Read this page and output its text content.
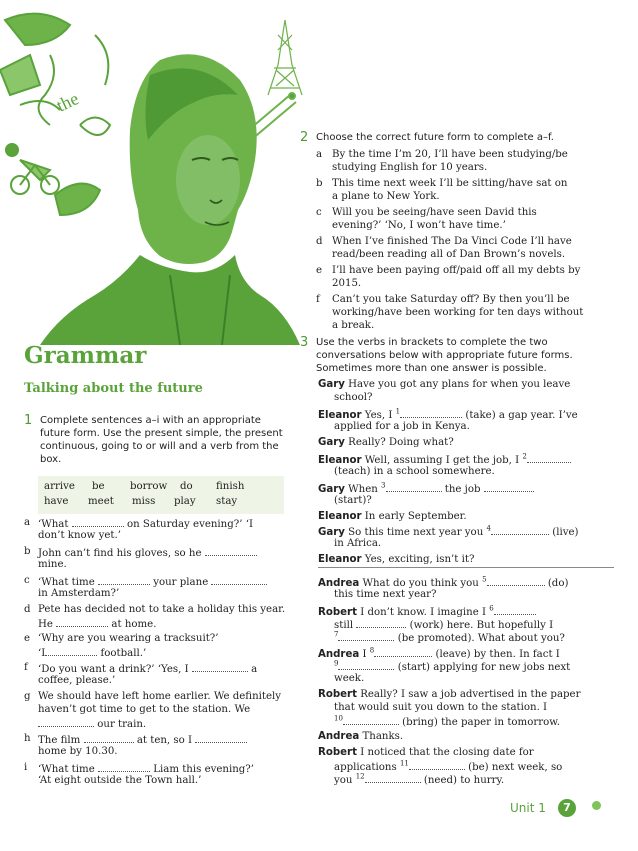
the
Grammar
Talking about the future
1 Complete sentences a–i with an appropriate
future form. Use the present simple, the present
continuous, going to or will and a verb from the
box.
arrive be borrow do finish
have meet miss play stay
a ‘What	on Saturday evening?’ ‘I
don’t know yet.’
b John can’t find his gloves, so he
mine.
c ‘What time	your plane
in Amsterdam?’
d Pete has decided not to take a holiday this year.
He	at home.
e ‘Why are you wearing a tracksuit?’
‘I	football.’
f ‘Do you want a drink?’ ‘Yes, I	a
coffee, please.’
g We should have left home earlier. We definitely
haven’t got time to get to the station. We
our train.
h The film	at ten, so I
home by 10.30.
i ‘What time	Liam this evening?’
‘At eight outside the Town hall.’
2 Choose the correct future form to complete a–f.
a By the time I’m 20, I’ll have been studying/be
studying English for 10 years.
b This time next week I’ll be sitting/have sat on
a plane to New York.
c Will you be seeing/have seen David this
evening?’ ‘No, I won’t have time.’
d When I’ve finished The Da Vinci Code I’ll have
read/been reading all of Dan Brown’s novels.
e I’ll have been paying off/paid off all my debts by
2015.
f Can’t you take Saturday off? By then you’ll be
working/have been working for ten days without
a break.
3 Use the verbs in brackets to complete the two
conversations below with appropriate future forms.
Sometimes more than one answer is possible.
Gary Have you got any plans for when you leave
school?
Eleanor Yes, I $^1$	(take) a gap year. I’ve
applied for a job in Kenya.
Gary Really? Doing what?
Eleanor Well, assuming I get the job, I $^2$
(teach) in a school somewhere.
Gary When $^3$	the job
(start)?
Eleanor In early September.
Gary So this time next year you $^4$	(live)
in Africa.
Eleanor Yes, exciting, isn’t it?
Andrea What do you think you $^5$	(do)
this time next year?
Robert I don’t know. I imagine I $^6$
still	(work) here. But hopefully I
$^7$	(be promoted). What about you?
Andrea I $^8$	(leave) by then. In fact I
$^9$	(start) applying for new jobs next
week.
Robert Really? I saw a job advertised in the paper
that would suit you down to the station. I
$^{10}$	(bring) the paper in tomorrow.
Andrea Thanks.
Robert I noticed that the closing date for
applications $^{11}$	(be) next week, so
you $^{12}$	(need) to hurry.
Unit 1	7
